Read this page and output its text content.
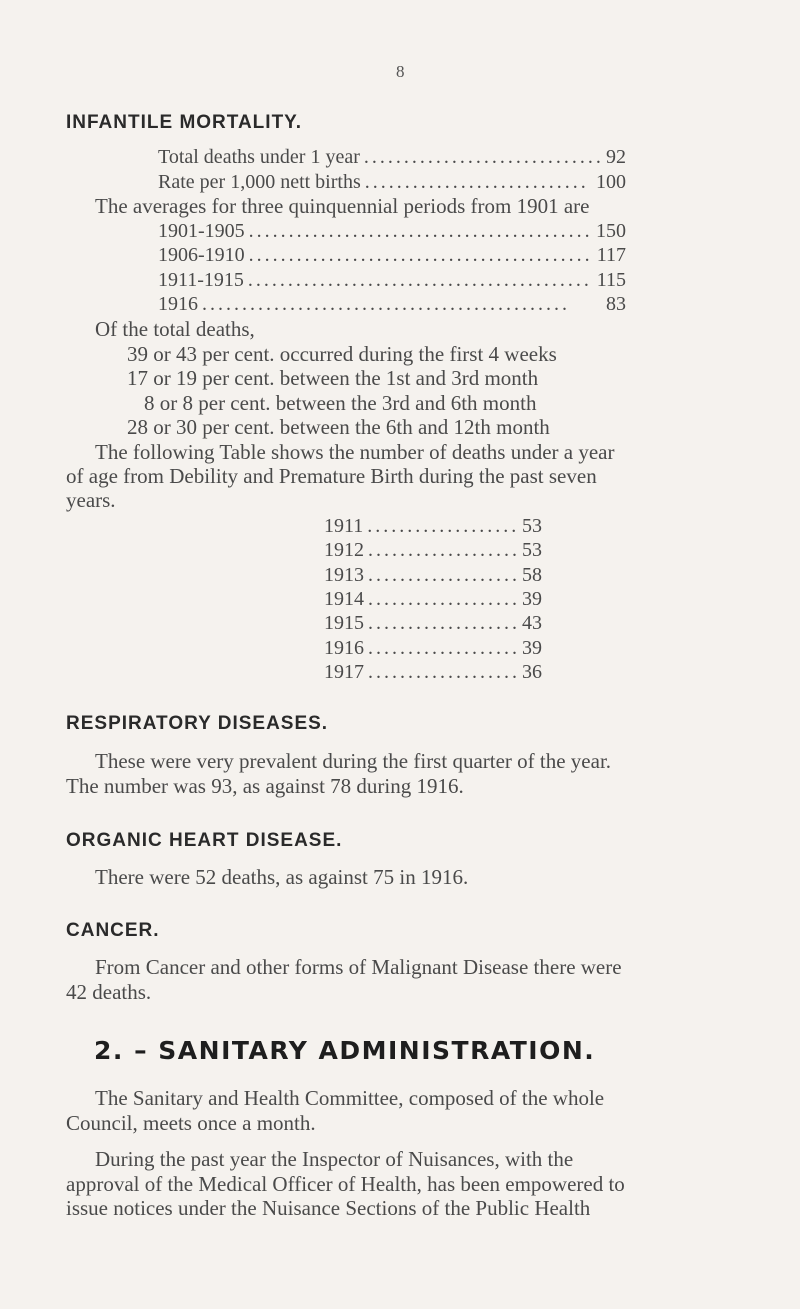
8
INFANTILE MORTALITY.
Total deaths under 1 year . . .	92
Rate per 1,000 nett births . . .	100
The averages for three quinquennial periods from 1901 are
1901-1905 . . .	150
1906-1910 . . .	117
1911-1915 . . .	115
1916 . . .	83
Of the total deaths,
39 or 43 per cent. occurred during the first 4 weeks
17 or 19 per cent. between the 1st and 3rd month
8 or 8 per cent. between the 3rd and 6th month
28 or 30 per cent. between the 6th and 12th month
The following Table shows the number of deaths under a year
of age from Debility and Premature Birth during the past seven
years.
1911 . . .	53
1912 . . .	53
1913 . . .	58
1914 . . .	39
1915 . . .	43
1916 . . .	39
1917 . . .	36
RESPIRATORY DISEASES.
These were very prevalent during the first quarter of the year.
The number was 93, as against 78 during 1916.
ORGANIC HEART DISEASE.
There were 52 deaths, as against 75 in 1916.
CANCER.
From Cancer and other forms of Malignant Disease there were
42 deaths.
2. – SANITARY ADMINISTRATION.
The Sanitary and Health Committee, composed of the whole
Council, meets once a month.
During the past year the Inspector of Nuisances, with the
approval of the Medical Officer of Health, has been empowered to
issue notices under the Nuisance Sections of the Public Health
